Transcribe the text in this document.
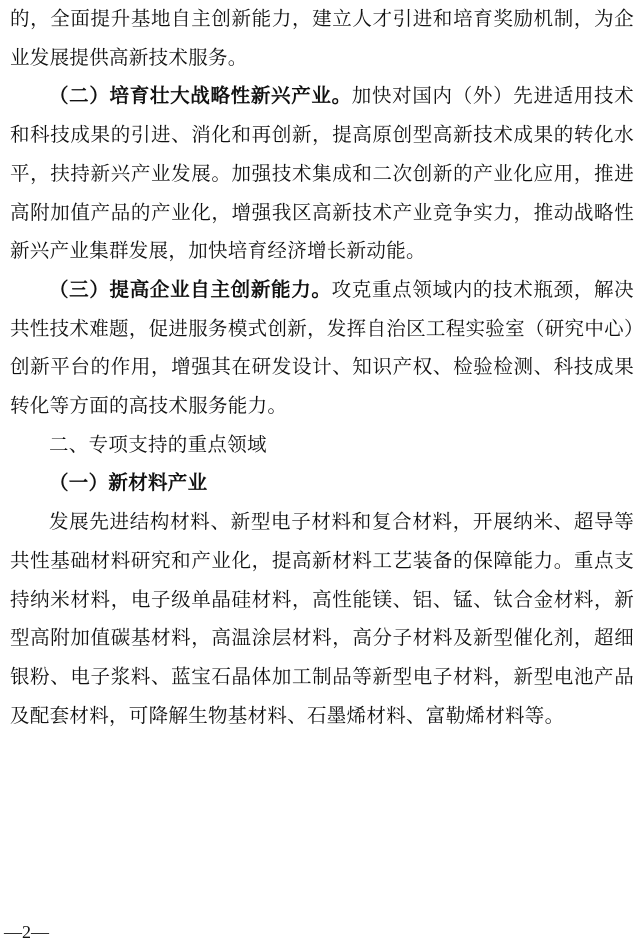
的，全面提升基地自主创新能力，建立人才引进和培育奖励机制，为企业发展提供高新技术服务。

（二）培育壮大战略性新兴产业。加快对国内（外）先进适用技术和科技成果的引进、消化和再创新，提高原创型高新技术成果的转化水平，扶持新兴产业发展。加强技术集成和二次创新的产业化应用，推进高附加值产品的产业化，增强我区高新技术产业竞争实力，推动战略性新兴产业集群发展，加快培育经济增长新动能。

（三）提高企业自主创新能力。攻克重点领域内的技术瓶颈，解决共性技术难题，促进服务模式创新，发挥自治区工程实验室（研究中心）创新平台的作用，增强其在研发设计、知识产权、检验检测、科技成果转化等方面的高技术服务能力。

二、专项支持的重点领域

（一）新材料产业

发展先进结构材料、新型电子材料和复合材料，开展纳米、超导等共性基础材料研究和产业化，提高新材料工艺装备的保障能力。重点支持纳米材料，电子级单晶硅材料，高性能镁、铝、锰、钛合金材料，新型高附加值碳基材料，高温涂层材料，高分子材料及新型催化剂，超细银粉、电子浆料、蓝宝石晶体加工制品等新型电子材料，新型电池产品及配套材料，可降解生物基材料、石墨烯材料、富勒烯材料等。

—2—
